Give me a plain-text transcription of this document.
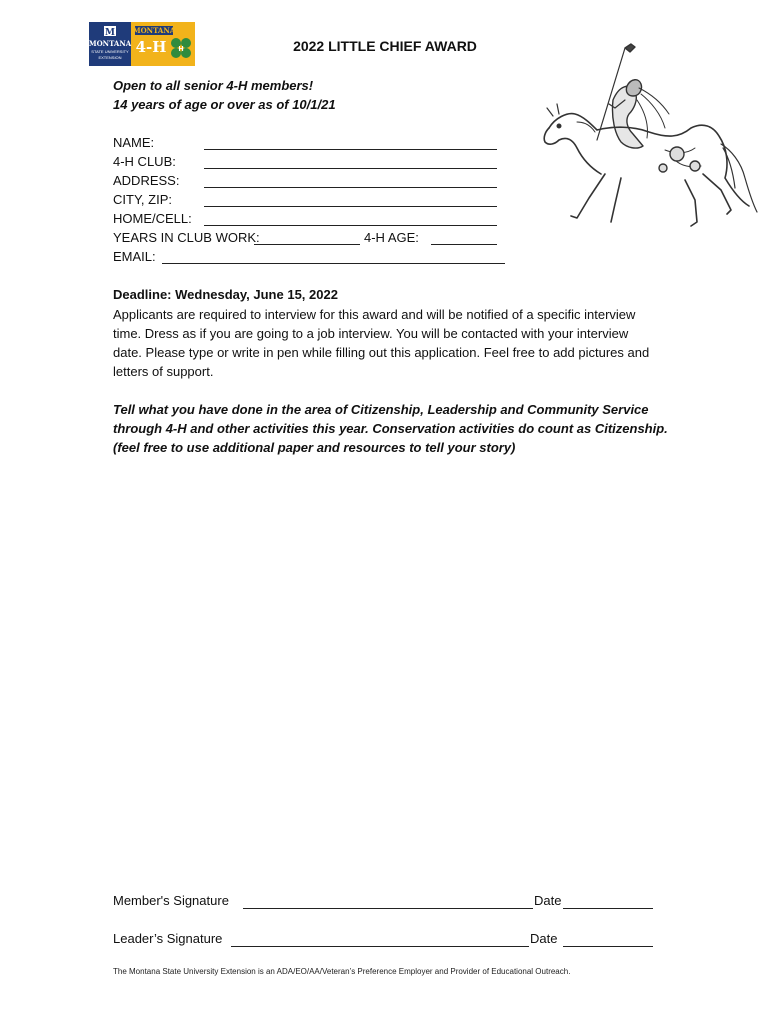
M
MONTANA
STATE UNIVERSITY
EXTENSION
MONTANA
4-H H	2022 LITTLE CHIEF AWARD
Open to all senior 4-H members!
14 years of age or over as of 10/1/21
NAME:
4-H CLUB:
ADDRESS:
CITY, ZIP:
HOME/CELL:
YEARS IN CLUB WORK:	4-H AGE:
EMAIL:
Deadline: Wednesday, June 15, 2022
Applicants are required to interview for this award and will be notified of a specific interview time. Dress as if you are going to a job interview. You will be contacted with your interview date. Please type or write in pen while filling out this application. Feel free to add pictures and letters of support.
Tell what you have done in the area of Citizenship, Leadership and Community Service through 4-H and other activities this year. Conservation activities do count as Citizenship. (feel free to use additional paper and resources to tell your story)
Member's Signature	Date
Leader’s Signature	Date
The Montana State University Extension is an ADA/EO/AA/Veteran’s Preference Employer and Provider of Educational Outreach.
